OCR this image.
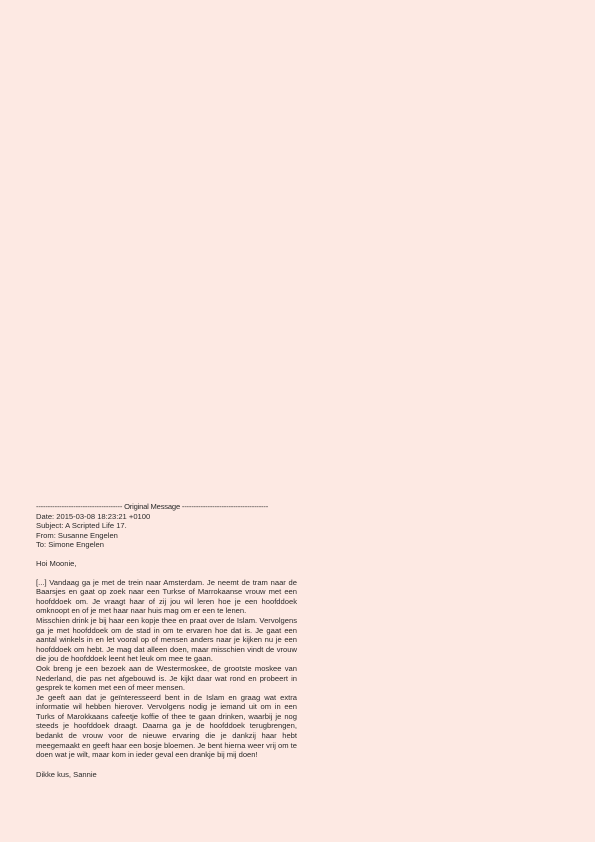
------------------------------------- Original Message -------------------------------------
Date: 2015-03-08 18:23:21 +0100
Subject: A Scripted Life 17.
From: Susanne Engelen
To: Simone Engelen
Hoi Moonie,

[...] Vandaag ga je met de trein naar Amsterdam. Je neemt de tram naar de Baarsjes en gaat op zoek naar een Turkse of Marrokaanse vrouw met een hoofddoek om. Je vraagt haar of zij jou wil leren hoe je een hoofddoek omknoopt en of je met haar naar huis mag om er een te lenen.

Misschien drink je bij haar een kopje thee en praat over de Islam. Vervolgens ga je met hoofddoek om de stad in om te ervaren hoe dat is. Je gaat een aantal winkels in en let vooral op of mensen anders naar je kijken nu je een hoofddoek om hebt. Je mag dat alleen doen, maar misschien vindt de vrouw die jou de hoofddoek leent het leuk om mee te gaan.

Ook breng je een bezoek aan de Westermoskee, de grootste moskee van Nederland, die pas net afgebouwd is. Je kijkt daar wat rond en probeert in gesprek te komen met een of meer mensen.

Je geeft aan dat je geïnteresseerd bent in de Islam en graag wat extra informatie wil hebben hierover. Vervolgens nodig je iemand uit om in een Turks of Marokkaans cafeetje koffie of thee te gaan drinken, waarbij je nog steeds je hoofddoek draagt. Daarna ga je de hoofddoek terugbrengen, bedankt de vrouw voor de nieuwe ervaring die je dankzij haar hebt meegemaakt en geeft haar een bosje bloemen. Je bent hierna weer vrij om te doen wat je wilt, maar kom in ieder geval een drankje bij mij doen!

Dikke kus, Sannie
